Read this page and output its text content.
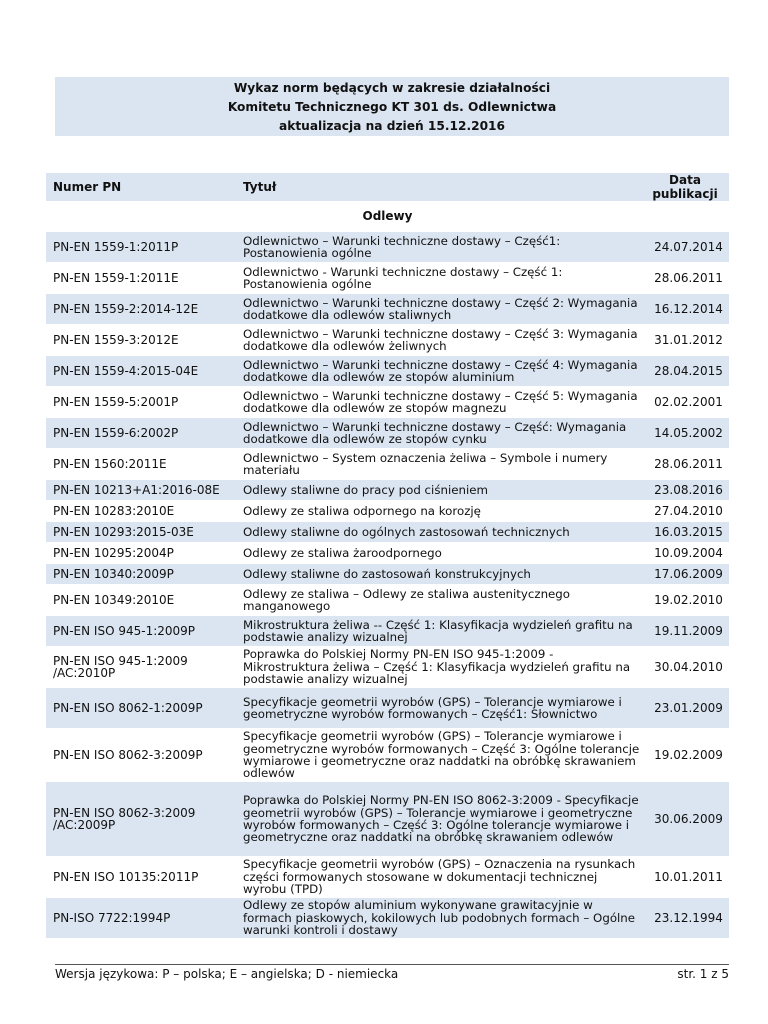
Wykaz norm będących w zakresie działalności
Komitetu Technicznego KT 301 ds. Odlewnictwa
aktualizacja na dzień 15.12.2016
Numer PN	Tytuł	Data
publikacji
Odlewy		
PN-EN 1559-1:2011P	Odlewnictwo – Warunki techniczne dostawy – Część1: Postanowienia ogólne	24.07.2014
PN-EN 1559-1:2011E	Odlewnictwo - Warunki techniczne dostawy – Część 1: Postanowienia ogólne	28.06.2011
PN-EN 1559-2:2014-12E	Odlewnictwo – Warunki techniczne dostawy – Część 2: Wymagania dodatkowe dla odlewów staliwnych	16.12.2014
PN-EN 1559-3:2012E	Odlewnictwo – Warunki techniczne dostawy – Część 3: Wymagania dodatkowe dla odlewów żeliwnych	31.01.2012
PN-EN 1559-4:2015-04E	Odlewnictwo – Warunki techniczne dostawy – Część 4: Wymagania dodatkowe dla odlewów ze stopów aluminium	28.04.2015
PN-EN 1559-5:2001P	Odlewnictwo – Warunki techniczne dostawy – Część 5: Wymagania dodatkowe dla odlewów ze stopów magnezu	02.02.2001
PN-EN 1559-6:2002P	Odlewnictwo – Warunki techniczne dostawy – Część: Wymagania dodatkowe dla odlewów ze stopów cynku	14.05.2002
PN-EN 1560:2011E	Odlewnictwo – System oznaczenia żeliwa – Symbole i numery materiału	28.06.2011
PN-EN 10213+A1:2016-08E	Odlewy staliwne do pracy pod ciśnieniem	23.08.2016
PN-EN 10283:2010E	Odlewy ze staliwa odpornego na korozję	27.04.2010
PN-EN 10293:2015-03E	Odlewy staliwne do ogólnych zastosowań technicznych	16.03.2015
PN-EN 10295:2004P	Odlewy ze staliwa żaroodpornego	10.09.2004
PN-EN 10340:2009P	Odlewy staliwne do zastosowań konstrukcyjnych	17.06.2009
PN-EN 10349:2010E	Odlewy ze staliwa – Odlewy ze staliwa austenitycznego manganowego	19.02.2010
PN-EN ISO 945-1:2009P	Mikrostruktura żeliwa -- Część 1: Klasyfikacja wydzieleń grafitu na podstawie analizy wizualnej	19.11.2009
PN-EN ISO 945-1:2009 /AC:2010P	Poprawka do Polskiej Normy PN-EN ISO 945-1:2009 - Mikrostruktura żeliwa – Część 1: Klasyfikacja wydzieleń grafitu na podstawie analizy wizualnej	30.04.2010
PN-EN ISO 8062-1:2009P	Specyfikacje geometrii wyrobów (GPS) – Tolerancje wymiarowe i geometryczne wyrobów formowanych – Część1: Słownictwo	23.01.2009
PN-EN ISO 8062-3:2009P	Specyfikacje geometrii wyrobów (GPS) – Tolerancje wymiarowe i geometryczne wyrobów formowanych – Część 3: Ogólne tolerancje wymiarowe i geometryczne oraz naddatki na obróbkę skrawaniem odlewów	19.02.2009
PN-EN ISO 8062-3:2009 /AC:2009P	Poprawka do Polskiej Normy PN-EN ISO 8062-3:2009 - Specyfikacje geometrii wyrobów (GPS) – Tolerancje wymiarowe i geometryczne wyrobów formowanych – Część 3: Ogólne tolerancje wymiarowe i geometryczne oraz naddatki na obróbkę skrawaniem odlewów	30.06.2009
PN-EN ISO 10135:2011P	Specyfikacje geometrii wyrobów (GPS) – Oznaczenia na rysunkach części formowanych stosowane w dokumentacji technicznej wyrobu (TPD)	10.01.2011
PN-ISO 7722:1994P	Odlewy ze stopów aluminium wykonywane grawitacyjnie w formach piaskowych, kokilowych lub podobnych formach – Ogólne warunki kontroli i dostawy	23.12.1994
Wersja językowa: P – polska; E – angielska; D - niemiecka	str. 1 z 5
